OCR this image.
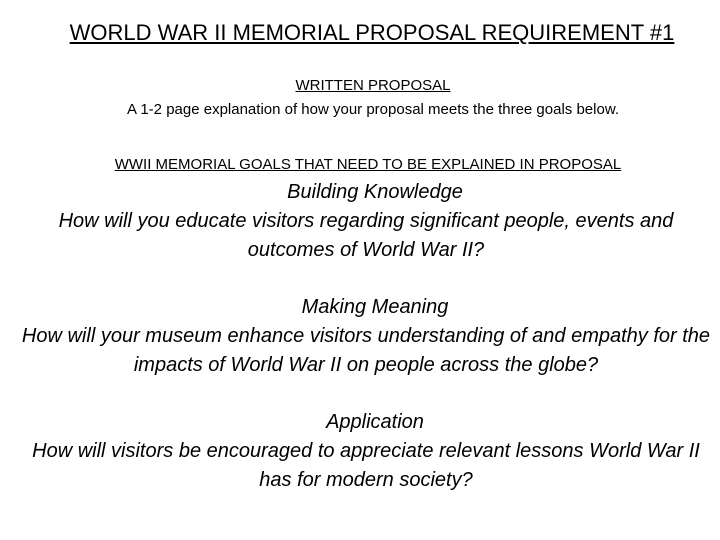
WORLD WAR II MEMORIAL PROPOSAL REQUIREMENT #1
WRITTEN PROPOSAL
A 1-2 page explanation of how your proposal meets the three goals below.
WWII MEMORIAL GOALS THAT NEED TO BE EXPLAINED IN PROPOSAL
Building Knowledge
How will you educate visitors regarding significant people, events and outcomes of World War II?
Making Meaning
How will your museum enhance visitors understanding of and empathy for the impacts of World War II on people across the globe?
Application
How will visitors be encouraged to appreciate relevant lessons World War II has for modern society?
